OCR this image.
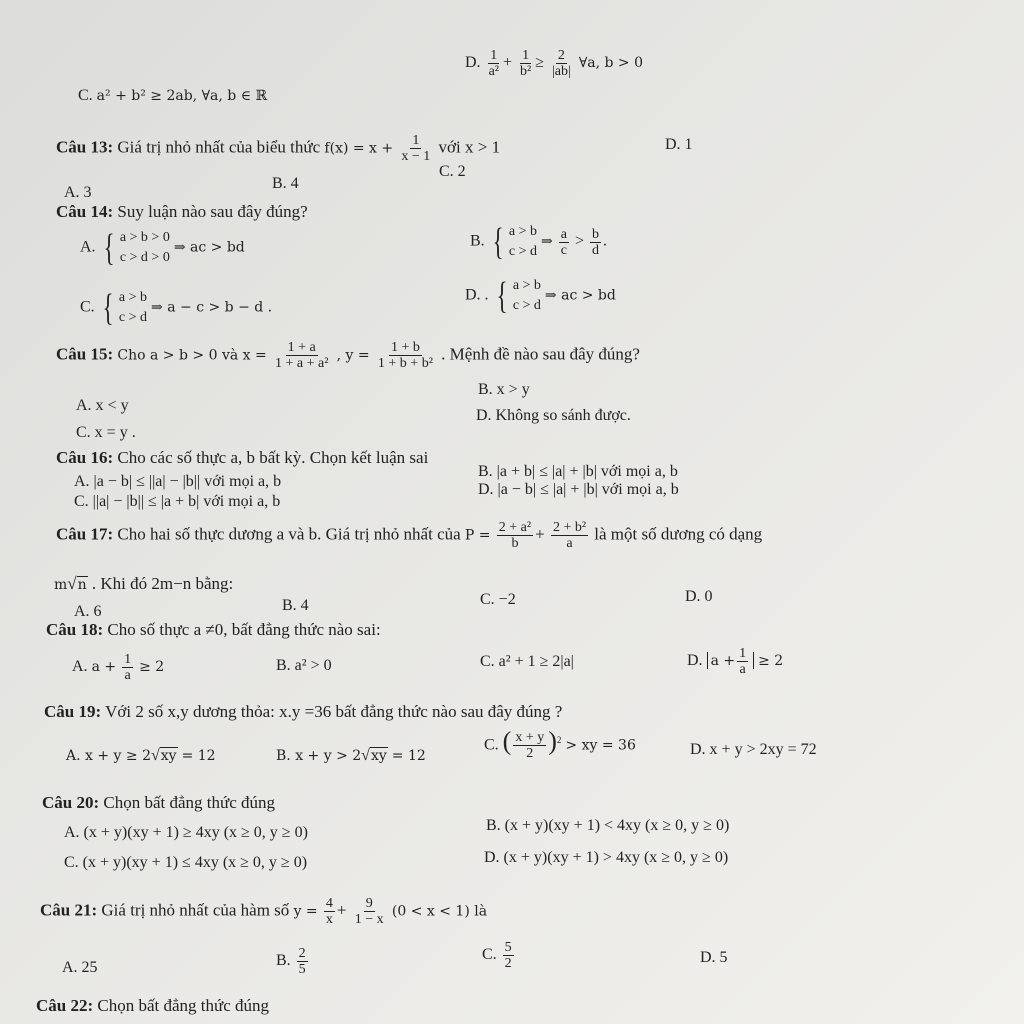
C. a² + b² ≥ 2ab, ∀a, b ∈ ℝ
D. $\frac{1}{\text{a²}} + \frac{1}{\text{b²}} \ge \frac{2}{|ab|}$ ∀a, b > 0
Câu 13: Giá trị nhỏ nhất của biểu thức $f(x) = x + \frac{1}{x - 1}$ với x > 1	D. 1
C. 2
A. 3
B. 4
Câu 14: Suy luận nào sau đây đúng?
A. { a > b > 0
c > d > 0
⇒ ac > bd	B. { a > b
c > d
⇒ $\frac{a}{c} > \frac{b}{d}$ .
C. { a > b
c > d
⇒ a − c > b − d .
D. . { a > b
c > d
⇒ ac > bd
Câu 15: Cho a > b > 0 và $x = \frac{1 + a}{\text{1 + a + a²}}$ , $y = \frac{1 + b}{\text{1 + b + b²}}$ . Mệnh đề nào sau đây đúng?
B. x > y
A. x < y
D. Không so sánh được.
C. x = y .
Câu 16: Cho các số thực a, b bất kỳ. Chọn kết luận sai
B. |a + b| ≤ |a| + |b| với mọi a, b
A. |a − b| ≤ ||a| − |b|| với mọi a, b	D. |a − b| ≤ |a| + |b| với mọi a, b
C. ||a| − |b|| ≤ |a + b| với mọi a, b
Câu 17: Cho hai số thực dương a và b. Giá trị nhỏ nhất của $P = \frac{\text{2 + a²}}{b} + \frac{\text{2 + b²}}{a}$ là một số dương có dạng
m√n . Khi đó 2m−n bằng:
A. 6	B. 4	C. −2	D. 0
Câu 18: Cho số thực a ≠0, bất đẳng thức nào sai:
A. $a + \frac{1}{a} \ge 2$	B. a² > 0	C. a² + 1 ≥ 2|a|	D. $a + \frac{1}{a} \ge 2$
Câu 19: Với 2 số x,y dương thỏa: x.y =36 bất đẳng thức nào sau đây đúng ?
A. x + y ≥ 2√xy = 12	B. x + y > 2√xy = 12
C. ( $\frac{x + y}{2} )^2$ > xy = 36	D. x + y > 2xy = 72
Câu 20: Chọn bất đẳng thức đúng
B. (x + y)(xy + 1) < 4xy (x ≥ 0, y ≥ 0)
A. (x + y)(xy + 1) ≥ 4xy (x ≥ 0, y ≥ 0)
D. (x + y)(xy + 1) > 4xy (x ≥ 0, y ≥ 0)
C. (x + y)(xy + 1) ≤ 4xy (x ≥ 0, y ≥ 0)
Câu 21: Giá trị nhỏ nhất của hàm số $y = \frac{4}{x} + \frac{9}{1 - x} (0 < x < 1)$ là
A. 25	B. $\frac{2}{5}$	C. $\frac{5}{2}$	D. 5
Câu 22: Chọn bất đẳng thức đúng
